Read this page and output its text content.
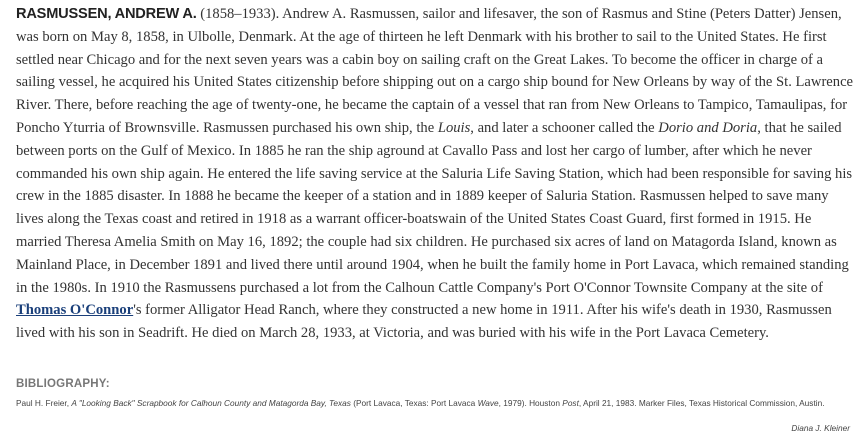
RASMUSSEN, ANDREW A. (1858–1933). Andrew A. Rasmussen, sailor and lifesaver, the son of Rasmus and Stine (Peters Datter) Jensen, was born on May 8, 1858, in Ulbolle, Denmark. At the age of thirteen he left Denmark with his brother to sail to the United States. He first settled near Chicago and for the next seven years was a cabin boy on sailing craft on the Great Lakes. To become the officer in charge of a sailing vessel, he acquired his United States citizenship before shipping out on a cargo ship bound for New Orleans by way of the St. Lawrence River. There, before reaching the age of twenty-one, he became the captain of a vessel that ran from New Orleans to Tampico, Tamaulipas, for Poncho Yturria of Brownsville. Rasmussen purchased his own ship, the Louis, and later a schooner called the Dorio and Doria, that he sailed between ports on the Gulf of Mexico. In 1885 he ran the ship aground at Cavallo Pass and lost her cargo of lumber, after which he never commanded his own ship again. He entered the life saving service at the Saluria Life Saving Station, which had been responsible for saving his crew in the 1885 disaster. In 1888 he became the keeper of a station and in 1889 keeper of Saluria Station. Rasmussen helped to save many lives along the Texas coast and retired in 1918 as a warrant officer-boatswain of the United States Coast Guard, first formed in 1915. He married Theresa Amelia Smith on May 16, 1892; the couple had six children. He purchased six acres of land on Matagorda Island, known as Mainland Place, in December 1891 and lived there until around 1904, when he built the family home in Port Lavaca, which remained standing in the 1980s. In 1910 the Rasmussens purchased a lot from the Calhoun Cattle Company's Port O'Connor Townsite Company at the site of Thomas O'Connor's former Alligator Head Ranch, where they constructed a new home in 1911. After his wife's death in 1930, Rasmussen lived with his son in Seadrift. He died on March 28, 1933, at Victoria, and was buried with his wife in the Port Lavaca Cemetery.

BIBLIOGRAPHY:

Paul H. Freier, A "Looking Back" Scrapbook for Calhoun County and Matagorda Bay, Texas (Port Lavaca, Texas: Port Lavaca Wave, 1979). Houston Post, April 21, 1983. Marker Files, Texas Historical Commission, Austin.

Diana J. Kleiner
